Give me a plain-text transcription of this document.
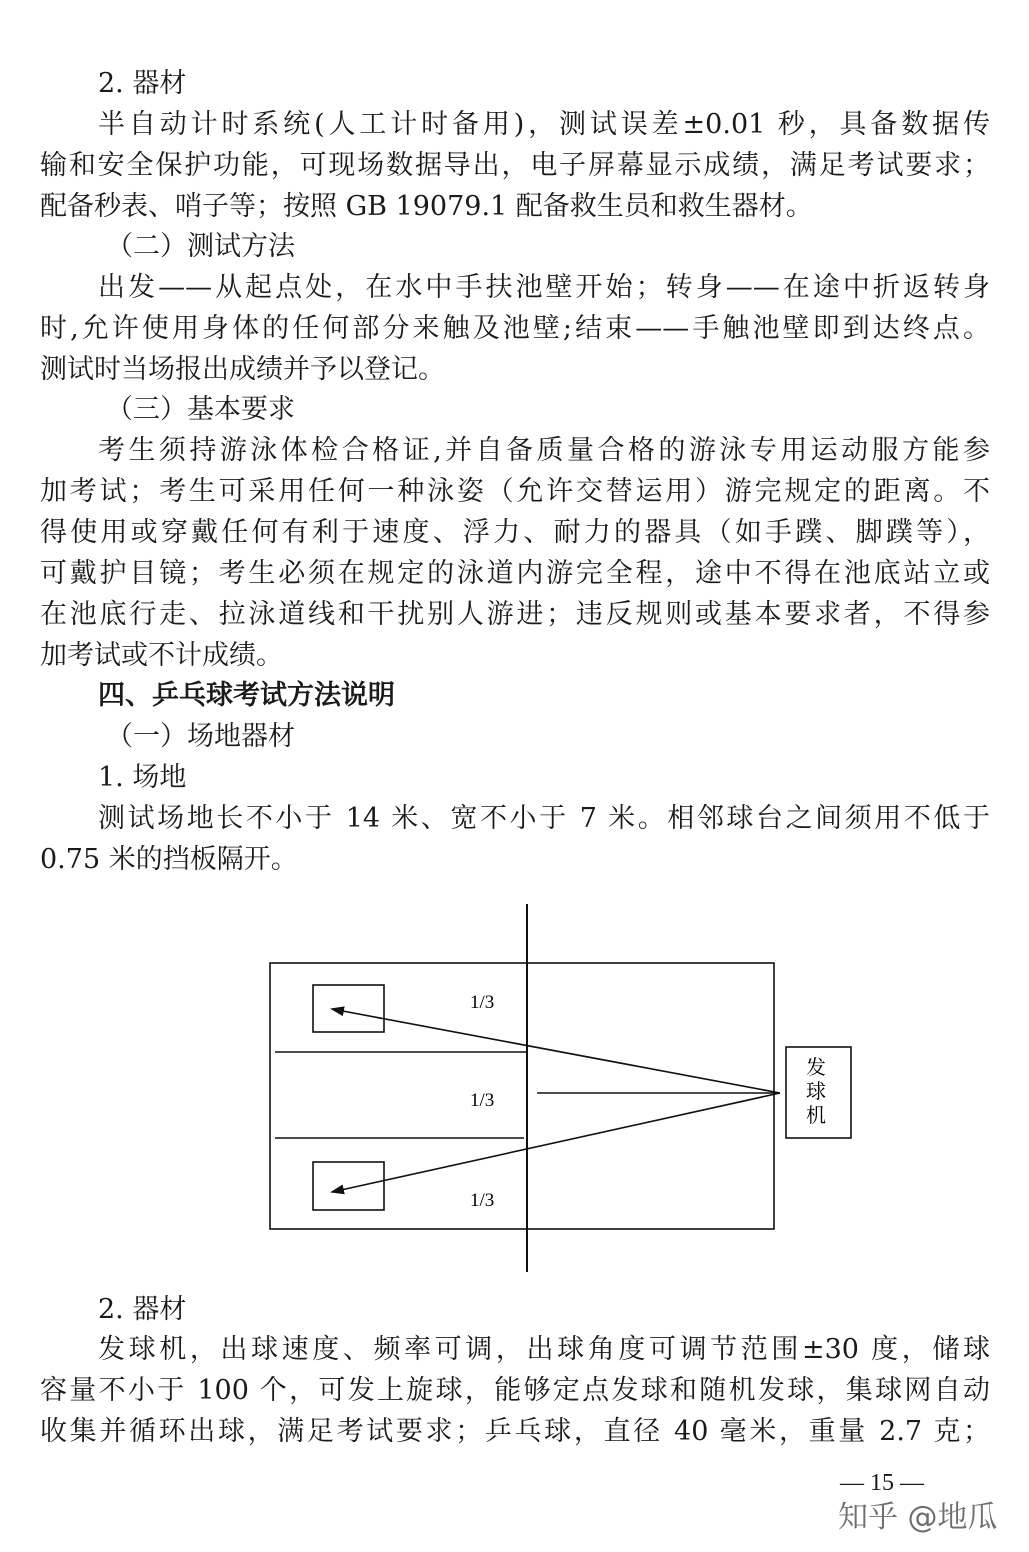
2. 器材
半自动计时系统(人工计时备用)，测试误差±0.01 秒，具备数据传
输和安全保护功能，可现场数据导出，电子屏幕显示成绩，满足考试要求；
配备秒表、哨子等；按照 GB 19079.1 配备救生员和救生器材。
（二）测试方法
出发——从起点处，在水中手扶池壁开始；转身——在途中折返转身
时,允许使用身体的任何部分来触及池壁;结束——手触池壁即到达终点。
测试时当场报出成绩并予以登记。
（三）基本要求
考生须持游泳体检合格证,并自备质量合格的游泳专用运动服方能参
加考试；考生可采用任何一种泳姿（允许交替运用）游完规定的距离。不
得使用或穿戴任何有利于速度、浮力、耐力的器具（如手蹼、脚蹼等），
可戴护目镜；考生必须在规定的泳道内游完全程，途中不得在池底站立或
在池底行走、拉泳道线和干扰别人游进；违反规则或基本要求者，不得参
加考试或不计成绩。
四、乒乓球考试方法说明
（一）场地器材
1. 场地
测试场地长不小于 14 米、宽不小于 7 米。相邻球台之间须用不低于
0.75 米的挡板隔开。
1/3
1/3
1/3
发
球
机
2. 器材
发球机，出球速度、频率可调，出球角度可调节范围±30 度，储球
容量不小于 100 个，可发上旋球，能够定点发球和随机发球，集球网自动
收集并循环出球，满足考试要求；乒乓球，直径 40 毫米，重量 2.7 克；
— 15 —
知乎 @地瓜
